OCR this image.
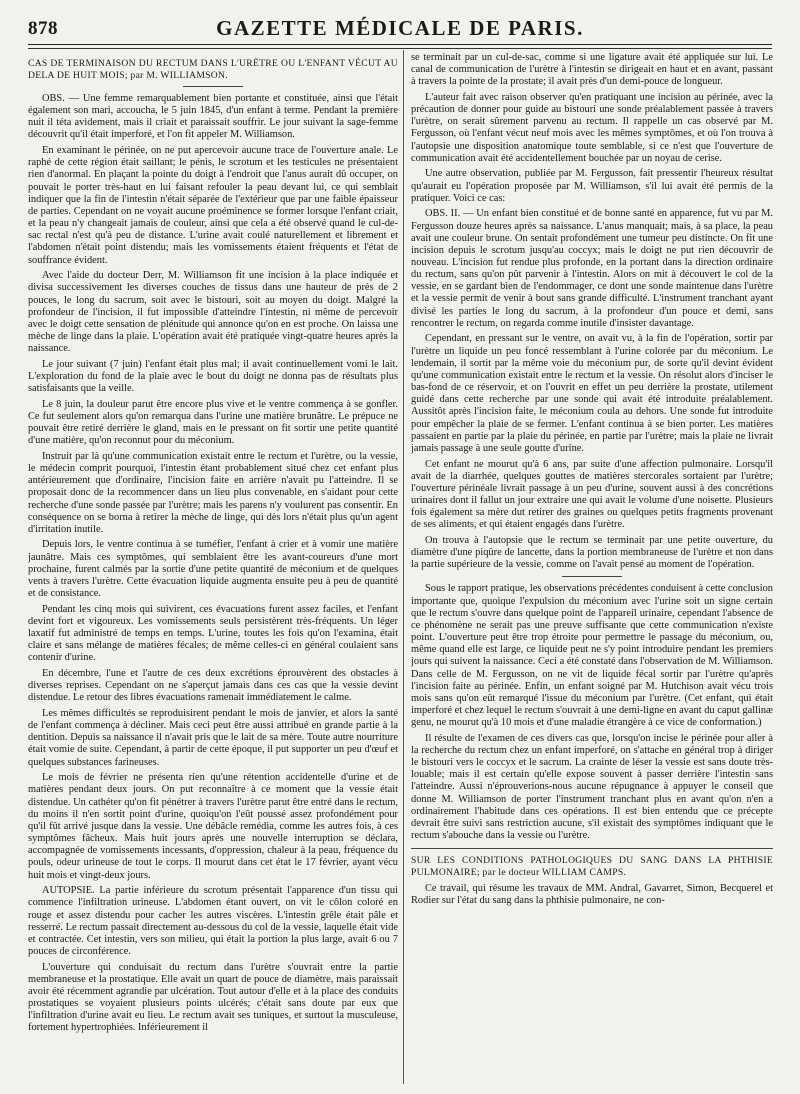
878	GAZETTE MÉDICALE DE PARIS.
CAS DE TERMINAISON DU RECTUM DANS L'URÈTRE OU L'ENFANT VÉCUT AU DELA DE HUIT MOIS; par M. WILLIAMSON.

OBS. — Une femme remarquablement bien portante et constituée, ainsi que l'était également son mari, accoucha, le 5 juin 1845, d'un enfant à terme. Pendant la première nuit il téta avidement, mais il criait et paraissait souffrir. Le jour suivant la sage-femme découvrit qu'il était imperforé, et l'on fit appeler M. Williamson.

En examinant le périnée, on ne put apercevoir aucune trace de l'ouverture anale. Le raphé de cette région était saillant; le pénis, le scrotum et les testicules ne présentaient rien d'anormal. En plaçant la pointe du doigt à l'endroit que l'anus aurait dû occuper, on pouvait le porter très-haut en lui faisant refouler la peau devant lui, ce qui semblait indiquer que la fin de l'intestin n'était séparée de l'extérieur que par une faible épaisseur de parties. Cependant on ne voyait aucune proéminence se former lorsque l'enfant criait, et la peau n'y changeait jamais de couleur, ainsi que cela a été observé quand le cul-de-sac rectal n'est qu'à peu de distance. L'urine avait coulé naturellement et librement et l'abdomen n'était point distendu; mais les vomissements étaient fréquents et l'état de souffrance évident.

Avec l'aide du docteur Derr, M. Williamson fit une incision à la place indiquée et divisa successivement les diverses couches de tissus dans une hauteur de près de 2 pouces, le long du sacrum, soit avec le bistouri, soit au moyen du doigt. Malgré la profondeur de l'incision, il fut impossible d'atteindre l'intestin, ni même de percevoir avec le doigt cette sensation de plénitude qui annonce qu'on en est proche. On laissa une mèche de linge dans la plaie. L'opération avait été pratiquée vingt-quatre heures après la naissance.

Le jour suivant (7 juin) l'enfant était plus mal; il avait continuellement vomi le lait. L'exploration du fond de la plaie avec le bout du doigt ne donna pas de résultats plus satisfaisants que la veille.

Le 8 juin, la douleur parut être encore plus vive et le ventre commença à se gonfler. Ce fut seulement alors qu'on remarqua dans l'urine une matière brunâtre. Le prépuce ne pouvait être retiré derrière le gland, mais en le pressant on fit sortir une petite quantité d'une matière, qu'on reconnut pour du méconium.

Instruit par là qu'une communication existait entre le rectum et l'urètre, ou la vessie, le médecin comprit pourquoi, l'intestin étant probablement situé chez cet enfant plus antérieurement que d'ordinaire, l'incision faite en arrière n'avait pu l'atteindre. Il se proposait donc de la recommencer dans un lieu plus convenable, en s'aidant pour cette recherche d'une sonde passée par l'urètre; mais les parens n'y voulurent pas consentir. En conséquence on se borna à retirer la mèche de linge, qui dès lors n'était plus qu'un agent d'irritation inutile.

Depuis lors, le ventre continua à se tuméfier, l'enfant à crier et à vomir une matière jaunâtre. Mais ces symptômes, qui semblaient être les avant-coureurs d'une mort prochaine, furent calmés par la sortie d'une petite quantité de méconium et de quelques vents à travers l'urètre. Cette évacuation liquide augmenta ensuite peu à peu de quantité et de consistance.

Pendant les cinq mois qui suivirent, ces évacuations furent assez faciles, et l'enfant devint fort et vigoureux. Les vomissements seuls persistèrent très-fréquents. Un léger laxatif fut administré de temps en temps. L'urine, toutes les fois qu'on l'examina, était claire et sans mélange de matières fécales; de même celles-ci en général coulaient sans contenir d'urine.

En décembre, l'une et l'autre de ces deux excrétions éprouvèrent des obstacles à diverses reprises. Cependant on ne s'aperçut jamais dans ces cas que la vessie devint distendue. Le retour des libres évacuations ramenait immédiatement le calme.

Les mêmes difficultés se reproduisirent pendant le mois de janvier, et alors la santé de l'enfant commença à décliner. Mais ceci peut être aussi attribué en grande partie à la dentition. Depuis sa naissance il n'avait pris que le lait de sa mère. Toute autre nourriture était vomie de suite. Cependant, à partir de cette époque, il put supporter un peu d'œuf et quelques substances farineuses.

Le mois de février ne présenta rien qu'une rétention accidentelle d'urine et de matières pendant deux jours. On put reconnaître à ce moment que la vessie était distendue. Un cathéter qu'on fit pénétrer à travers l'urètre parut être entré dans le rectum, du moins il n'en sortit point d'urine, quoiqu'on l'eût poussé assez profondément pour qu'il fût arrivé jusque dans la vessie. Une débâcle remédia, comme les autres fois, à ces symptômes fâcheux. Mais huit jours après une nouvelle interruption se déclara, accompagnée de vomissements incessants, d'oppression, chaleur à la peau, fréquence du pouls, odeur urineuse de tout le corps. Il mourut dans cet état le 17 février, ayant vécu huit mois et vingt-deux jours.

AUTOPSIE. La partie inférieure du scrotum présentait l'apparence d'un tissu qui commence l'infiltration urineuse. L'abdomen étant ouvert, on vit le côlon coloré en rouge et assez distendu pour cacher les autres viscères. L'intestin grêle était pâle et resserré. Le rectum passait directement au-dessous du col de la vessie, laquelle était vide et contractée. Cet intestin, vers son milieu, qui était la portion la plus large, avait 6 ou 7 pouces de circonférence.

L'ouverture qui conduisait du rectum dans l'urètre s'ouvrait entre la partie membraneuse et la prostatique. Elle avait un quart de pouce de diamètre, mais paraissait avoir été récemment agrandie par ulcération. Tout autour d'elle et à la place des conduits prostatiques se voyaient plusieurs points ulcérés; c'était sans doute par eux que l'infiltration d'urine avait eu lieu. Le rectum avait ses tuniques, et surtout la musculeuse, fortement hypertrophiées. Inférieurement il

se terminait par un cul-de-sac, comme si une ligature avait été appliquée sur lui. Le canal de communication de l'urètre à l'intestin se dirigeait en haut et en avant, passant à travers la pointe de la prostate; il avait près d'un demi-pouce de longueur.

L'auteur fait avec raison observer qu'en pratiquant une incision au périnée, avec la précaution de donner pour guide au bistouri une sonde préalablement passée à travers l'urètre, on serait sûrement parvenu au rectum. Il rappelle un cas observé par M. Fergusson, où l'enfant vécut neuf mois avec les mêmes symptômes, et où l'on trouva à l'autopsie une disposition anatomique toute semblable, si ce n'est que l'ouverture de communication avait été accidentellement bouchée par un noyau de cerise.

Une autre observation, publiée par M. Fergusson, fait pressentir l'heureux résultat qu'aurait eu l'opération proposée par M. Williamson, s'il lui avait été permis de la pratiquer. Voici ce cas:

OBS. II. — Un enfant bien constitué et de bonne santé en apparence, fut vu par M. Fergusson douze heures après sa naissance. L'anus manquait; mais, à sa place, la peau avait une couleur brune. On sentait profondément une tumeur peu distincte. On fit une incision depuis le scrotum jusqu'au coccyx; mais le doigt ne put rien découvrir de nouveau. L'incision fut rendue plus profonde, en la portant dans la direction ordinaire du rectum, sans qu'on pût parvenir à l'intestin. Alors on mit à découvert le col de la vessie, en se gardant bien de l'endommager, ce dont une sonde maintenue dans l'urètre et la vessie permit de venir à bout sans grande difficulté. L'instrument tranchant ayant divisé les parties le long du sacrum, à la profondeur d'un pouce et demi, sans rencontrer le rectum, on regarda comme inutile d'insister davantage.

Cependant, en pressant sur le ventre, on avait vu, à la fin de l'opération, sortir par l'urètre un liquide un peu foncé ressemblant à l'urine colorée par du méconium. Le lendemain, il sortit par la même voie du méconium pur, de sorte qu'il devint évident qu'une communication existait entre le rectum et la vessie. On résolut alors d'inciser le bas-fond de ce réservoir, et on l'ouvrit en effet un peu derrière la prostate, utilement guidé dans cette recherche par une sonde qui avait été introduite préalablement. Aussitôt après l'incision faite, le méconium coula au dehors. Une sonde fut introduite pour empêcher la plaie de se fermer. L'enfant continua à se bien porter. Les matières passaient en partie par la plaie du périnée, en partie par l'urètre; mais la plaie ne livrait jamais passage à une seule goutte d'urine.

Cet enfant ne mourut qu'à 6 ans, par suite d'une affection pulmonaire. Lorsqu'il avait de la diarrhée, quelques gouttes de matières stercorales sortaient par l'urètre; l'ouverture périnéale livrait passage à un peu d'urine, souvent aussi à des concrétions urinaires dont il fallut un jour extraire une qui avait le volume d'une noisette. Plusieurs fois également sa mère dut retirer des graines ou quelques petits fragments provenant de ses aliments, et qui étaient engagés dans l'urètre.

On trouva à l'autopsie que le rectum se terminait par une petite ouverture, du diamètre d'une piqûre de lancette, dans la portion membraneuse de l'urètre et non dans la partie supérieure de la vessie, comme on l'avait pensé au moment de l'opération.

Sous le rapport pratique, les observations précédentes conduisent à cette conclusion importante que, quoique l'expulsion du méconium avec l'urine soit un signe certain que le rectum s'ouvre dans quelque point de l'appareil urinaire, cependant l'absence de ce phénomène ne serait pas une preuve suffisante que cette communication n'existe point. L'ouverture peut être trop étroite pour permettre le passage du méconium, ou, même quand elle est large, ce liquide peut ne s'y point introduire pendant les premiers jours qui suivent la naissance. Ceci a été constaté dans l'observation de M. Williamson. Dans celle de M. Fergusson, on ne vit de liquide fécal sortir par l'urètre qu'après l'incision faite au périnée. Enfin, un enfant soigné par M. Hutchison avait vécu trois mois sans qu'on eût remarqué l'issue du méconium par l'urètre. (Cet enfant, qui était imperforé et chez lequel le rectum s'ouvrait à une demi-ligne en avant du caput gallinæ genu, ne mourut qu'à 10 mois et d'une maladie étrangère à ce vice de conformation.)

Il résulte de l'examen de ces divers cas que, lorsqu'on incise le périnée pour aller à la recherche du rectum chez un enfant imperforé, on s'attache en général trop à diriger le bistouri vers le coccyx et le sacrum. La crainte de léser la vessie est sans doute très-louable; mais il est certain qu'elle expose souvent à passer derrière l'intestin sans l'atteindre. Aussi n'éprouverions-nous aucune répugnance à appuyer le conseil que donne M. Williamson de porter l'instrument tranchant plus en avant qu'on n'en a ordinairement l'habitude dans ces opérations. Il est bien entendu que ce précepte devrait être suivi sans restriction aucune, s'il existait des symptômes indiquant que le rectum s'abouche dans la vessie ou l'urètre.

SUR LES CONDITIONS PATHOLOGIQUES DU SANG DANS LA PHTHISIE PULMONAIRE; par le docteur WILLIAM CAMPS.

Ce travail, qui résume les travaux de MM. Andral, Gavarret, Simon, Becquerel et Rodier sur l'état du sang dans la phthisie pulmonaire, ne con-
